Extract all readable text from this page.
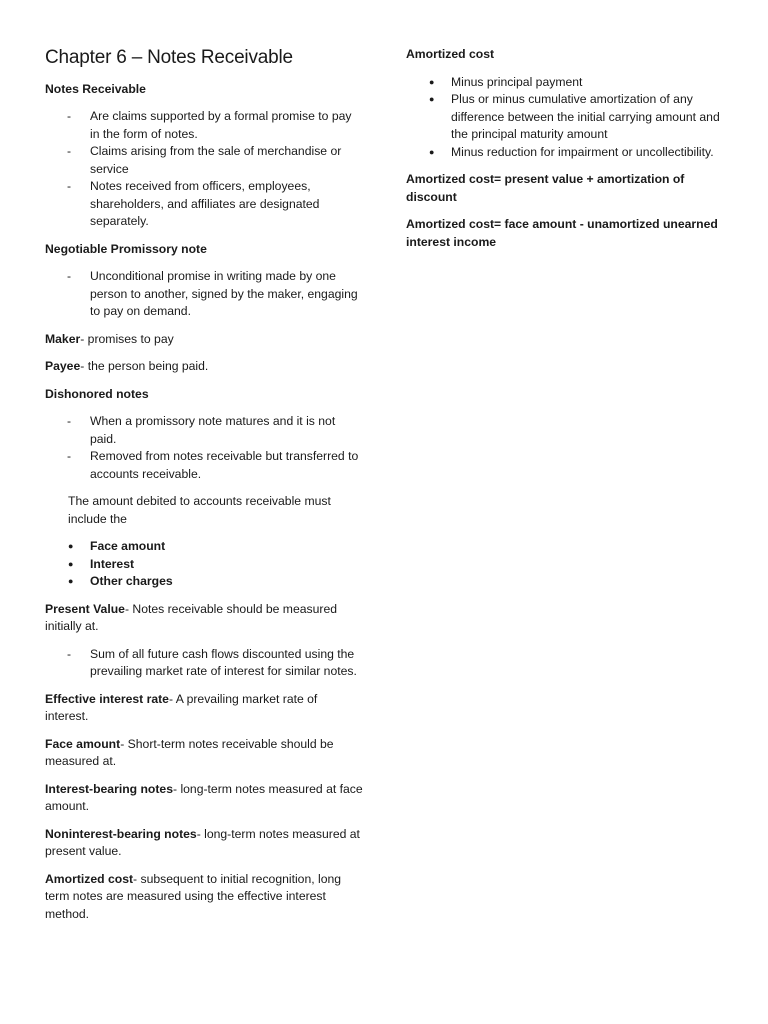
Chapter 6 – Notes Receivable

Notes Receivable

- Are claims supported by a formal promise to pay in the form of notes.
- Claims arising from the sale of merchandise or service
- Notes received from officers, employees, shareholders, and affiliates are designated separately.

Negotiable Promissory note

- Unconditional promise in writing made by one person to another, signed by the maker, engaging to pay on demand.

Maker- promises to pay

Payee- the person being paid.

Dishonored notes

- When a promissory note matures and it is not paid.
- Removed from notes receivable but transferred to accounts receivable.

The amount debited to accounts receivable must include the

● Face amount
● Interest
● Other charges

Present Value- Notes receivable should be measured initially at.

- Sum of all future cash flows discounted using the prevailing market rate of interest for similar notes.

Effective interest rate- A prevailing market rate of interest.

Face amount- Short-term notes receivable should be measured at.

Interest-bearing notes- long-term notes measured at face amount.

Noninterest-bearing notes- long-term notes measured at present value.

Amortized cost- subsequent to initial recognition, long term notes are measured using the effective interest method.

Amortized cost

● Minus principal payment
● Plus or minus cumulative amortization of any difference between the initial carrying amount and the principal maturity amount
● Minus reduction for impairment or uncollectibility.

Amortized cost= present value + amortization of discount

Amortized cost= face amount - unamortized unearned interest income
